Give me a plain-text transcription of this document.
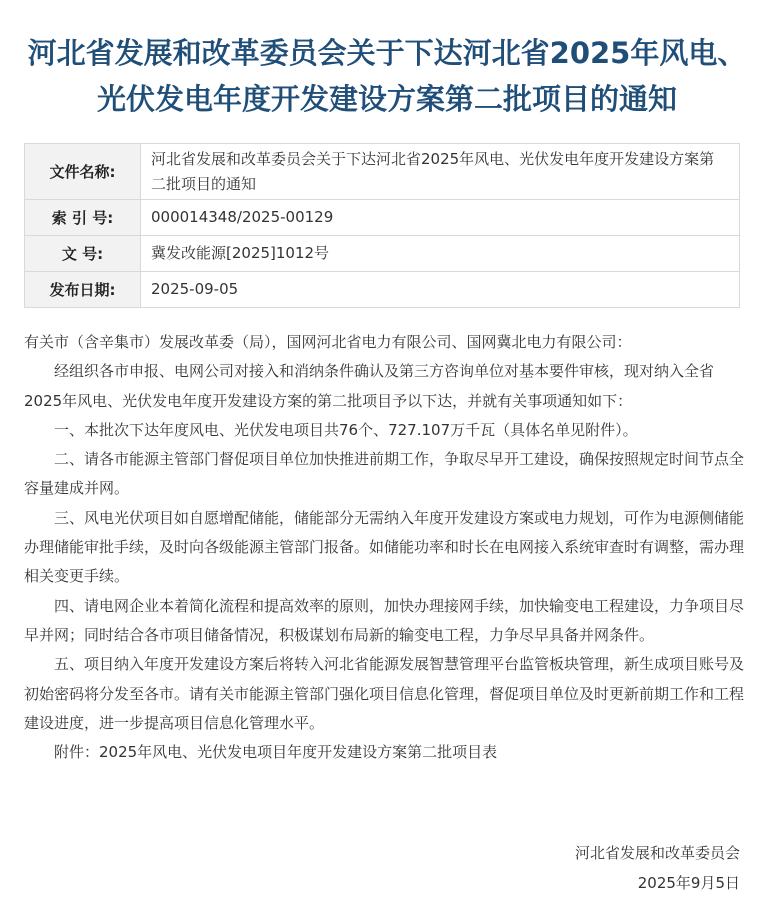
河北省发展和改革委员会关于下达河北省2025年风电、光伏发电年度开发建设方案第二批项目的通知
文件名称:	河北省发展和改革委员会关于下达河北省2025年风电、光伏发电年度开发建设方案第二批项目的通知
索 引 号:	000014348/2025-00129
文 号:	冀发改能源[2025]1012号
发布日期:	2025-09-05

有关市（含辛集市）发展改革委（局），国网河北省电力有限公司、国网冀北电力有限公司：

经组织各市申报、电网公司对接入和消纳条件确认及第三方咨询单位对基本要件审核，现对纳入全省2025年风电、光伏发电年度开发建设方案的第二批项目予以下达，并就有关事项通知如下：

一、本批次下达年度风电、光伏发电项目共76个、727.107万千瓦（具体名单见附件）。

二、请各市能源主管部门督促项目单位加快推进前期工作，争取尽早开工建设，确保按照规定时间节点全容量建成并网。

三、风电光伏项目如自愿增配储能，储能部分无需纳入年度开发建设方案或电力规划，可作为电源侧储能办理储能审批手续，及时向各级能源主管部门报备。如储能功率和时长在电网接入系统审查时有调整，需办理相关变更手续。

四、请电网企业本着简化流程和提高效率的原则，加快办理接网手续，加快输变电工程建设，力争项目尽早并网；同时结合各市项目储备情况，积极谋划布局新的输变电工程，力争尽早具备并网条件。

五、项目纳入年度开发建设方案后将转入河北省能源发展智慧管理平台监管板块管理，新生成项目账号及初始密码将分发至各市。请有关市能源主管部门强化项目信息化管理，督促项目单位及时更新前期工作和工程建设进度，进一步提高项目信息化管理水平。

附件：2025年风电、光伏发电项目年度开发建设方案第二批项目表

河北省发展和改革委员会
2025年9月5日
